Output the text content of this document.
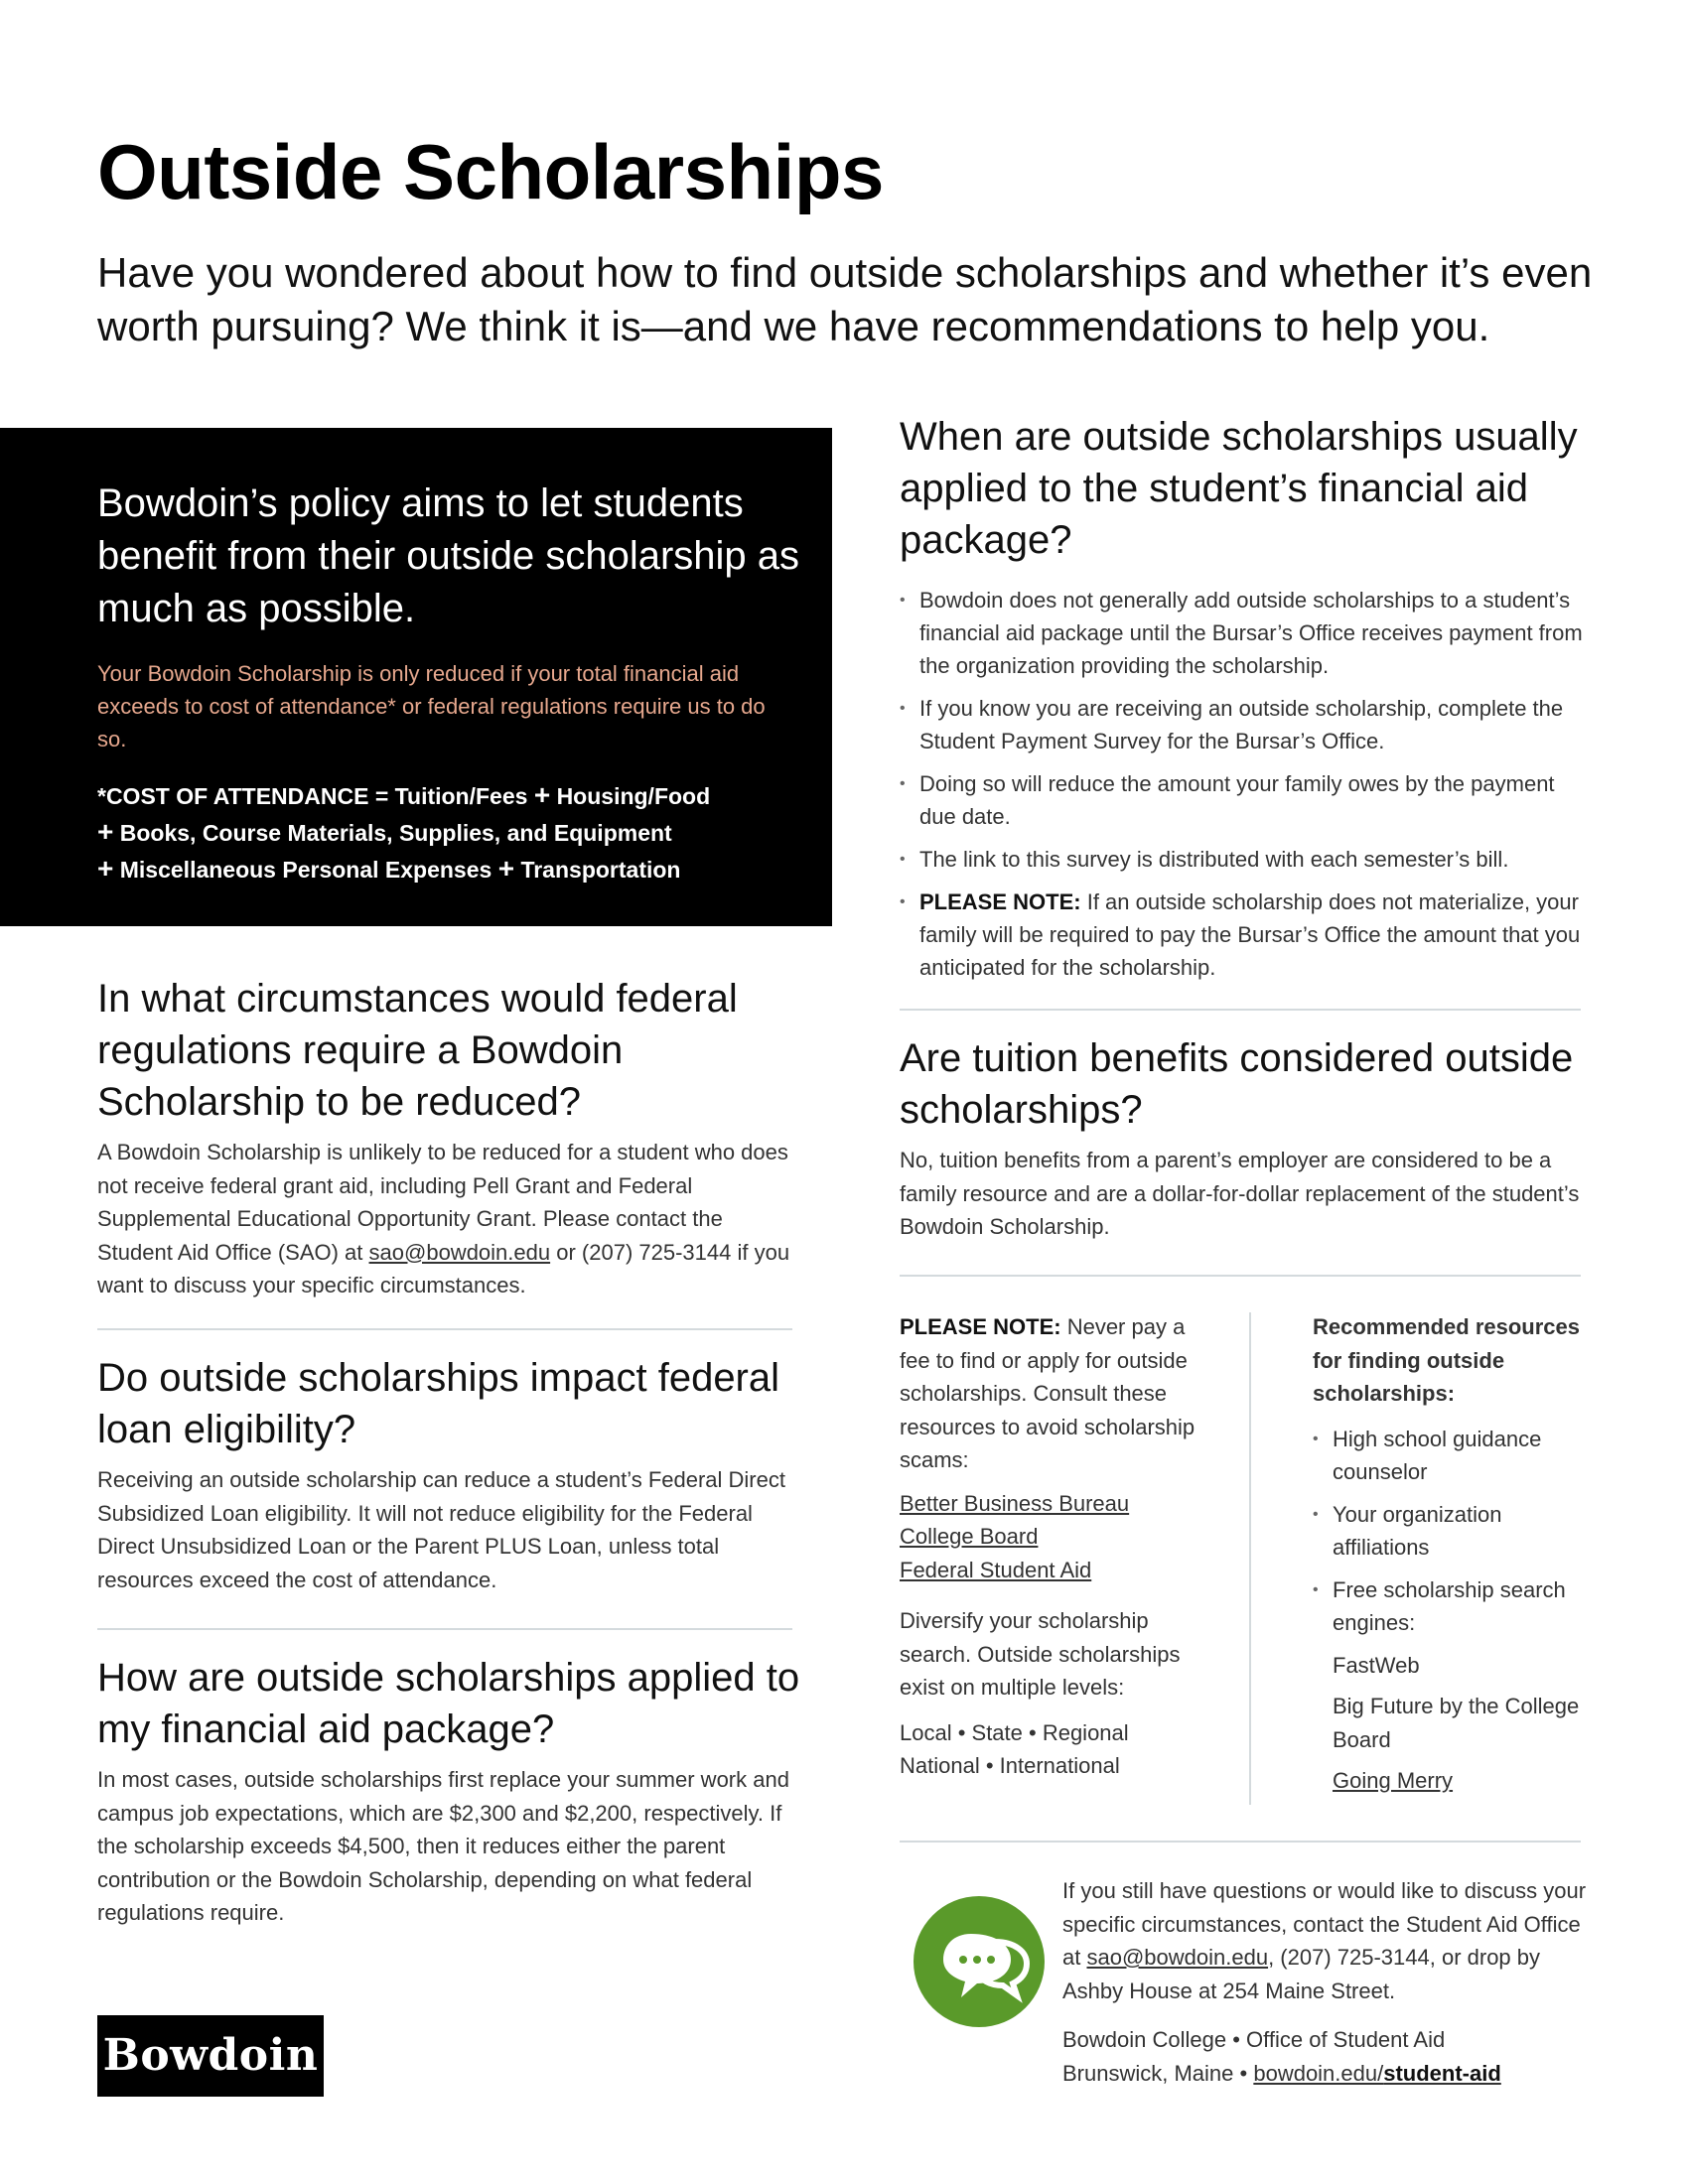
Outside Scholarships

Have you wondered about how to find outside scholarships and whether it’s even worth pursuing? We think it is—and we have recommendations to help you.

Bowdoin’s policy aims to let students benefit from their outside scholarship as much as possible.

Your Bowdoin Scholarship is only reduced if your total financial aid exceeds to cost of attendance* or federal regulations require us to do so.

*COST OF ATTENDANCE = Tuition/Fees + Housing/Food
+ Books, Course Materials, Supplies, and Equipment
+ Miscellaneous Personal Expenses + Transportation
In what circumstances would federal regulations require a Bowdoin Scholarship to be reduced?

A Bowdoin Scholarship is unlikely to be reduced for a student who does not receive federal grant aid, including Pell Grant and Federal Supplemental Educational Opportunity Grant. Please contact the Student Aid Office (SAO) at sao@bowdoin.edu or (207) 725-3144 if you want to discuss your specific circumstances.

Do outside scholarships impact federal loan eligibility?

Receiving an outside scholarship can reduce a student’s Federal Direct Subsidized Loan eligibility. It will not reduce eligibility for the Federal Direct Unsubsidized Loan or the Parent PLUS Loan, unless total resources exceed the cost of attendance.

How are outside scholarships applied to my financial aid package?

In most cases, outside scholarships first replace your summer work and campus job expectations, which are $2,300 and $2,200, respectively. If the scholarship exceeds $4,500, then it reduces either the parent contribution or the Bowdoin Scholarship, depending on what federal regulations require.

Bowdoin
When are outside scholarships usually applied to the student’s financial aid package?
• Bowdoin does not generally add outside scholarships to a student’s financial aid package until the Bursar’s Office receives payment from the organization providing the scholarship.
• If you know you are receiving an outside scholarship, complete the Student Payment Survey for the Bursar’s Office.
• Doing so will reduce the amount your family owes by the payment due date.
• The link to this survey is distributed with each semester’s bill.
• PLEASE NOTE: If an outside scholarship does not materialize, your family will be required to pay the Bursar’s Office the amount that you anticipated for the scholarship.
Are tuition benefits considered outside scholarships?

No, tuition benefits from a parent’s employer are considered to be a family resource and are a dollar-for-dollar replacement of the student’s Bowdoin Scholarship.

PLEASE NOTE: Never pay a fee to find or apply for outside scholarships. Consult these resources to avoid scholarship scams:

Better Business Bureau

College Board

Federal Student Aid

Diversify your scholarship search. Outside scholarships exist on multiple levels:

Local • State • Regional

National • International

Recommended resources for finding outside scholarships:

• High school guidance counselor
• Your organization affiliations
• Free scholarship search engines:

FastWeb

Big Future by the College Board

Going Merry

If you still have questions or would like to discuss your specific circumstances, contact the Student Aid Office at sao@bowdoin.edu, (207) 725-3144, or drop by Ashby House at 254 Maine Street.

Bowdoin College • Office of Student Aid

Brunswick, Maine • bowdoin.edu/student-aid
